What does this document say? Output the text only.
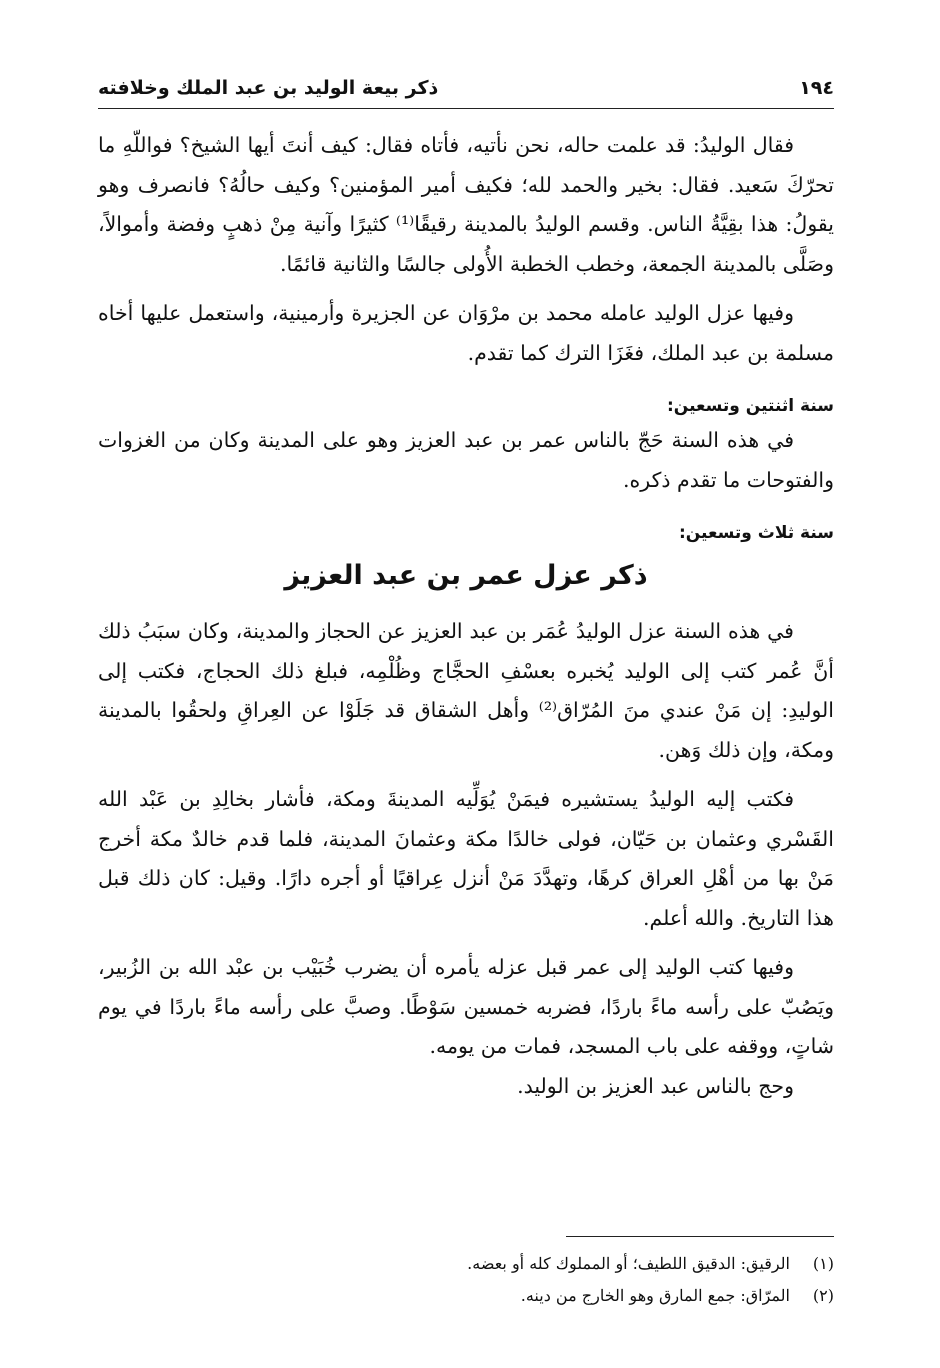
١٩٤
ذكر بيعة الوليد بن عبد الملك وخلافته

فقال الوليدُ: قد علمت حاله، نحن نأتيه، فأتاه فقال: كيف أنتَ أيها الشيخ؟ فواللّهِ ما تحرّكَ سَعيد. فقال: بخير والحمد لله؛ فكيف أمير المؤمنين؟ وكيف حالُهُ؟ فانصرف وهو يقولُ: هذا بقِيَّةُ الناس. وقسم الوليدُ بالمدينة رقيقًا⁽¹⁾ كثيرًا وآنية مِنْ ذهبٍ وفضة وأموالاً، وصَلَّى بالمدينة الجمعة، وخطب الخطبة الأُولى جالسًا والثانية قائمًا.

وفيها عزل الوليد عامله محمد بن مرْوَان عن الجزيرة وأرمينية، واستعمل عليها أخاه مسلمة بن عبد الملك، فغَزَا الترك كما تقدم.

سنة اثنتين وتسعين:

في هذه السنة حَجّ بالناس عمر بن عبد العزيز وهو على المدينة وكان من الغزوات والفتوحات ما تقدم ذكره.

سنة ثلاث وتسعين:

ذكر عزل عمر بن عبد العزيز

في هذه السنة عزل الوليدُ عُمَر بن عبد العزيز عن الحجاز والمدينة، وكان سبَبُ ذلك أنَّ عُمر كتب إلى الوليد يُخبره بعسْفِ الحجَّاج وظُلْمِه، فبلغ ذلك الحجاج، فكتب إلى الوليدِ: إن مَنْ عندي منَ المُرّاق⁽²⁾ وأهل الشقاق قد جَلَوْا عن العِراقِ ولحقُوا بالمدينة ومكة، وإن ذلك وَهن.

فكتب إليه الوليدُ يستشيره فيمَنْ يُوَلِّيه المدينةَ ومكة، فأشار بخالِدِ بن عَبْد الله القَسْري وعثمان بن حَيّان، فولى خالدًا مكة وعثمانَ المدينة، فلما قدم خالدٌ مكة أخرج مَنْ بها من أهْلِ العراق كرهًا، وتهدَّدَ مَنْ أنزل عِراقيًا أو أجره دارًا. وقيل: كان ذلك قبل هذا التاريخ. والله أعلم.

وفيها كتب الوليد إلى عمر قبل عزله يأمره أن يضرب خُبَيْب بن عبْد الله بن الزُبير، ويَصُبّ على رأسه ماءً باردًا، فضربه خمسين سَوْطًا. وصبَّ على رأسه ماءً باردًا في يوم شاتٍ، ووقفه على باب المسجد، فمات من يومه.

وحج بالناس عبد العزيز بن الوليد.

(١)
الرقيق: الدقيق اللطيف؛ أو المملوك كله أو بعضه.
(٢)
المرّاق: جمع المارق وهو الخارج من دينه.
